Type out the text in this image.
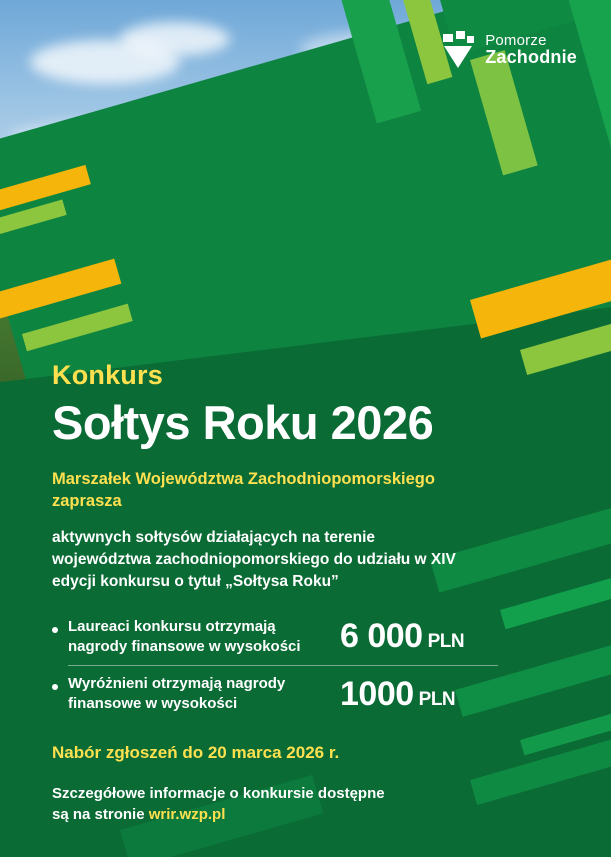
Pomorze
Zachodnie
Konkurs
Sołtys Roku 2026
Marszałek Województwa Zachodniopomorskiego zaprasza
aktywnych sołtysów działających na terenie województwa zachodniopomorskiego do udziału w XIV edycji konkursu o tytuł „Sołtysa Roku”
Laureaci konkursu otrzymają nagrody finansowe w wysokości	6 000 PLN
Wyróżnieni otrzymają nagrody finansowe w wysokości	1000 PLN
Nabór zgłoszeń do 20 marca 2026 r.
Szczegółowe informacje o konkursie dostępne
są na stronie wrir.wzp.pl
